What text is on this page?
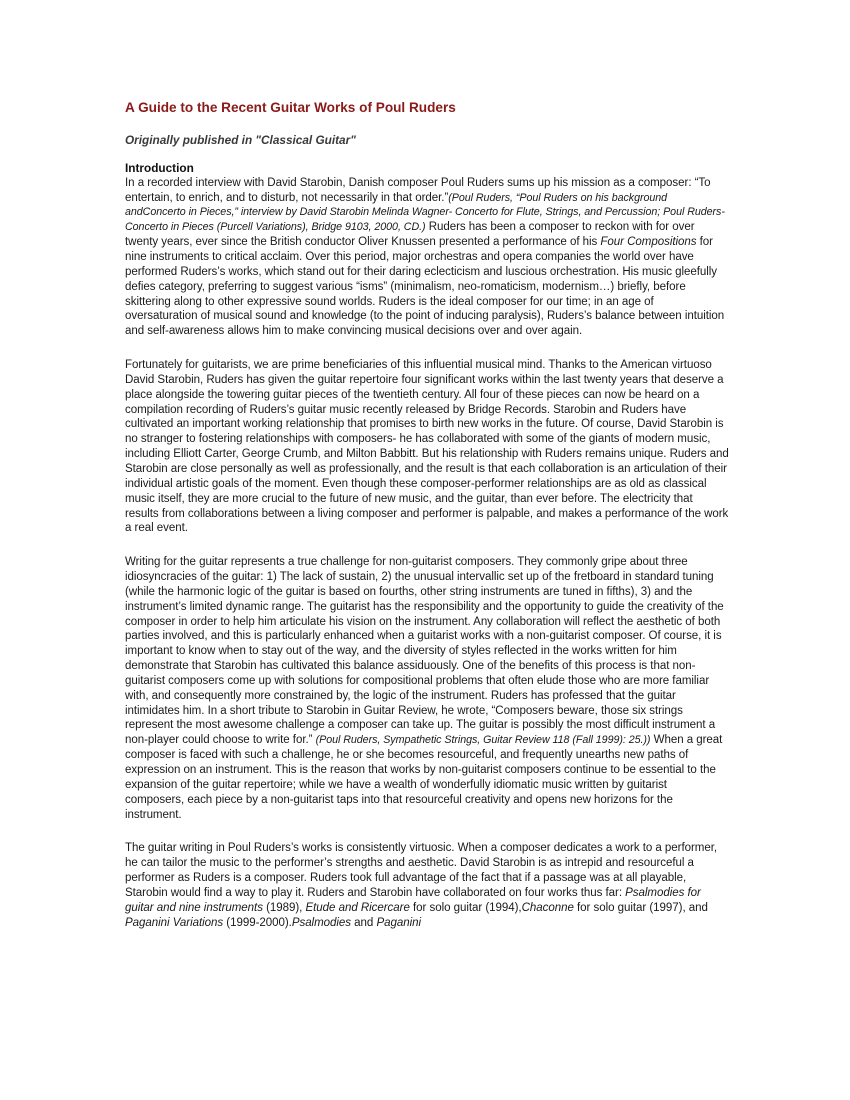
A Guide to the Recent Guitar Works of Poul Ruders
Originally published in "Classical Guitar"
Introduction

In a recorded interview with David Starobin, Danish composer Poul Ruders sums up his mission as a composer: “To entertain, to enrich, and to disturb, not necessarily in that order.”(Poul Ruders, “Poul Ruders on his background andConcerto in Pieces,” interview by David Starobin Melinda Wagner- Concerto for Flute, Strings, and Percussion; Poul Ruders- Concerto in Pieces (Purcell Variations), Bridge 9103, 2000, CD.) Ruders has been a composer to reckon with for over twenty years, ever since the British conductor Oliver Knussen presented a performance of his Four Compositions for nine instruments to critical acclaim. Over this period, major orchestras and opera companies the world over have performed Ruders’s works, which stand out for their daring eclecticism and luscious orchestration. His music gleefully defies category, preferring to suggest various “isms” (minimalism, neo-romaticism, modernism…) briefly, before skittering along to other expressive sound worlds. Ruders is the ideal composer for our time; in an age of oversaturation of musical sound and knowledge (to the point of inducing paralysis), Ruders’s balance between intuition and self-awareness allows him to make convincing musical decisions over and over again.

Fortunately for guitarists, we are prime beneficiaries of this influential musical mind. Thanks to the American virtuoso David Starobin, Ruders has given the guitar repertoire four significant works within the last twenty years that deserve a place alongside the towering guitar pieces of the twentieth century. All four of these pieces can now be heard on a compilation recording of Ruders’s guitar music recently released by Bridge Records. Starobin and Ruders have cultivated an important working relationship that promises to birth new works in the future. Of course, David Starobin is no stranger to fostering relationships with composers- he has collaborated with some of the giants of modern music, including Elliott Carter, George Crumb, and Milton Babbitt. But his relationship with Ruders remains unique. Ruders and Starobin are close personally as well as professionally, and the result is that each collaboration is an articulation of their individual artistic goals of the moment. Even though these composer-performer relationships are as old as classical music itself, they are more crucial to the future of new music, and the guitar, than ever before. The electricity that results from collaborations between a living composer and performer is palpable, and makes a performance of the work a real event.

Writing for the guitar represents a true challenge for non-guitarist composers. They commonly gripe about three idiosyncracies of the guitar: 1) The lack of sustain, 2) the unusual intervallic set up of the fretboard in standard tuning (while the harmonic logic of the guitar is based on fourths, other string instruments are tuned in fifths), 3) and the instrument’s limited dynamic range. The guitarist has the responsibility and the opportunity to guide the creativity of the composer in order to help him articulate his vision on the instrument. Any collaboration will reflect the aesthetic of both parties involved, and this is particularly enhanced when a guitarist works with a non-guitarist composer. Of course, it is important to know when to stay out of the way, and the diversity of styles reflected in the works written for him demonstrate that Starobin has cultivated this balance assiduously. One of the benefits of this process is that non-guitarist composers come up with solutions for compositional problems that often elude those who are more familiar with, and consequently more constrained by, the logic of the instrument. Ruders has professed that the guitar intimidates him. In a short tribute to Starobin in Guitar Review, he wrote, “Composers beware, those six strings represent the most awesome challenge a composer can take up. The guitar is possibly the most difficult instrument a non-player could choose to write for.” (Poul Ruders, Sympathetic Strings, Guitar Review 118 (Fall 1999): 25.)) When a great composer is faced with such a challenge, he or she becomes resourceful, and frequently unearths new paths of expression on an instrument. This is the reason that works by non-guitarist composers continue to be essential to the expansion of the guitar repertoire; while we have a wealth of wonderfully idiomatic music written by guitarist composers, each piece by a non-guitarist taps into that resourceful creativity and opens new horizons for the instrument.

The guitar writing in Poul Ruders’s works is consistently virtuosic. When a composer dedicates a work to a performer, he can tailor the music to the performer’s strengths and aesthetic. David Starobin is as intrepid and resourceful a performer as Ruders is a composer. Ruders took full advantage of the fact that if a passage was at all playable, Starobin would find a way to play it. Ruders and Starobin have collaborated on four works thus far: Psalmodies for guitar and nine instruments (1989), Etude and Ricercare for solo guitar (1994),Chaconne for solo guitar (1997), and Paganini Variations (1999-2000).Psalmodies and Paganini
